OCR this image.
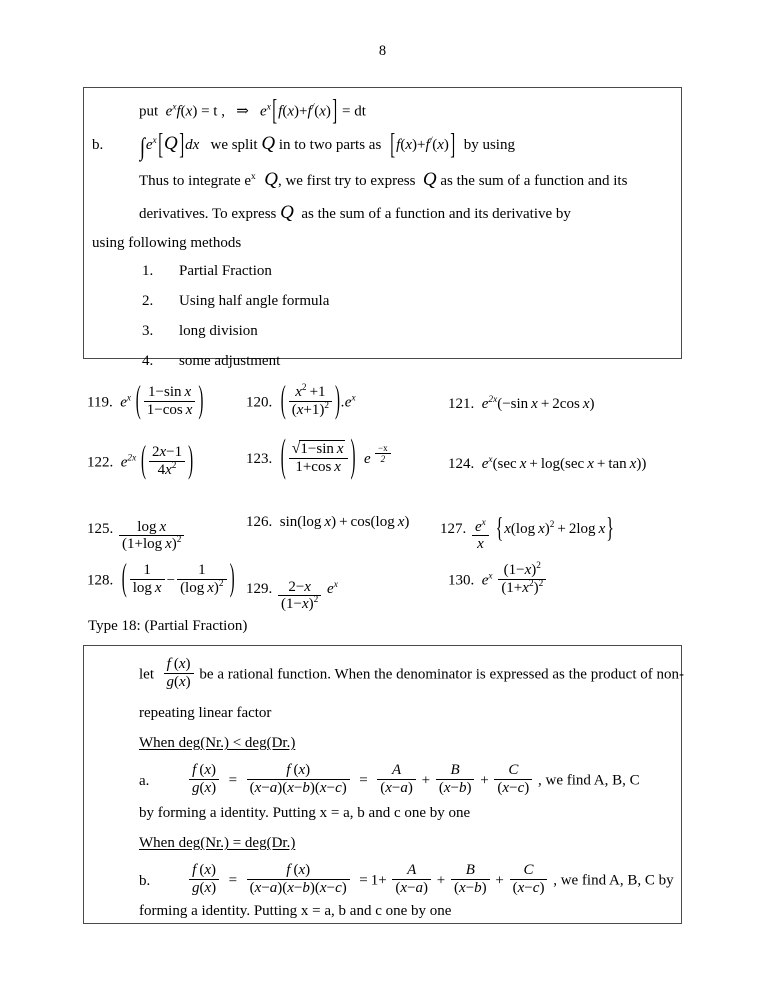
8
put  $e^xf(x) = t$ ,   ⇒   $e^x[f(x)+f^/(x)]$ = dt
b. $\int e^x[Q]dx$   we split Q in to two parts as  [f(x)+f/(x)]  by using
Thus to integrate $e^x$  Q, we first try to express  Q as the sum of a function and its
derivatives. To express Q  as the sum of a function and its derivative by
using following methods
1. Partial Fraction
2. Using half angle formula
3. long division
4. some adjustment
119.  $e^x$ ( $\frac{\text{1−sin x}}{\text{1−cos x}}$ )	120.  ( $\frac{x^2 +1}{(x+1)^2} ).e^x$	121.  $e^{2x}(-\sin$ x + 2cos x)
122.  $e^{2x}$ ( $\frac{2x-1}{4x^2}$ )	123.  ( $\frac{\text{√1−sin x}}{\text{1+cos x}}$ )  e $^{\frac{-x}{2}}$	124.  $e^x(\sec$ x + log(sec x + tan x))
125. $\frac{\text{log x}}{(1+\log x)^2}$	126.  sin(log x) + cos(log x) 127. $\frac{e^x}{x} \{x(\log$ x)$^2$ + 2log x}
128.  ( $\frac{1}{\text{log x}} - \frac{1}{(\log x)^2}$ ) 129. $\frac{2-x}{(1-x)^2} e^x$	130.  $e^x \frac{(1-x)^2}{(1+x^2)^2}$
Type 18: (Partial Fraction)
let $\frac{f (x)}{g(x)}$ be a rational function. When the denominator is expressed as the product of non-
repeating linear factor
When deg(Nr.) < deg(Dr.)
a.	$\frac{f (x)}{g(x)} = \frac{f (x)}{(x-a)(x-b)(x-c)} = \frac{A}{(x-a)} + \frac{B}{(x-b)} + \frac{C}{(x-c)}$ , we find A, B, C
by forming a identity. Putting x = a, b and c one by one
When deg(Nr.) = deg(Dr.)
b.	$\frac{f (x)}{g(x)} = \frac{f (x)}{(x-a)(x-b)(x-c)} = 1+ \frac{A}{(x-a)} + \frac{B}{(x-b)} + \frac{C}{(x-c)}$ , we find A, B, C by
forming a identity. Putting x = a, b and c one by one
